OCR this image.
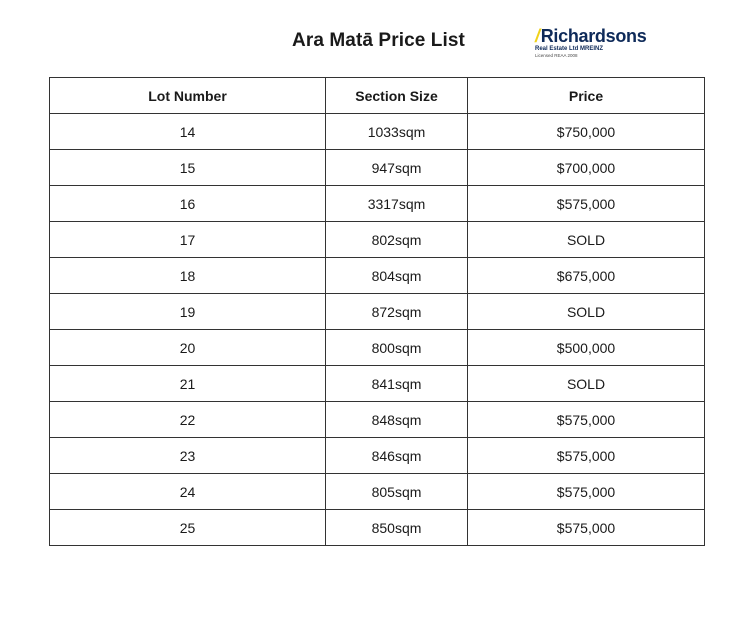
Ara Matā Price List	/Richardsons
Real Estate Ltd MREINZ
Licensed REAA 2008
Lot Number	Section Size	Price
14	1033sqm	$750,000
15	947sqm	$700,000
16	3317sqm	$575,000
17	802sqm	SOLD
18	804sqm	$675,000
19	872sqm	SOLD
20	800sqm	$500,000
21	841sqm	SOLD
22	848sqm	$575,000
23	846sqm	$575,000
24	805sqm	$575,000
25	850sqm	$575,000
